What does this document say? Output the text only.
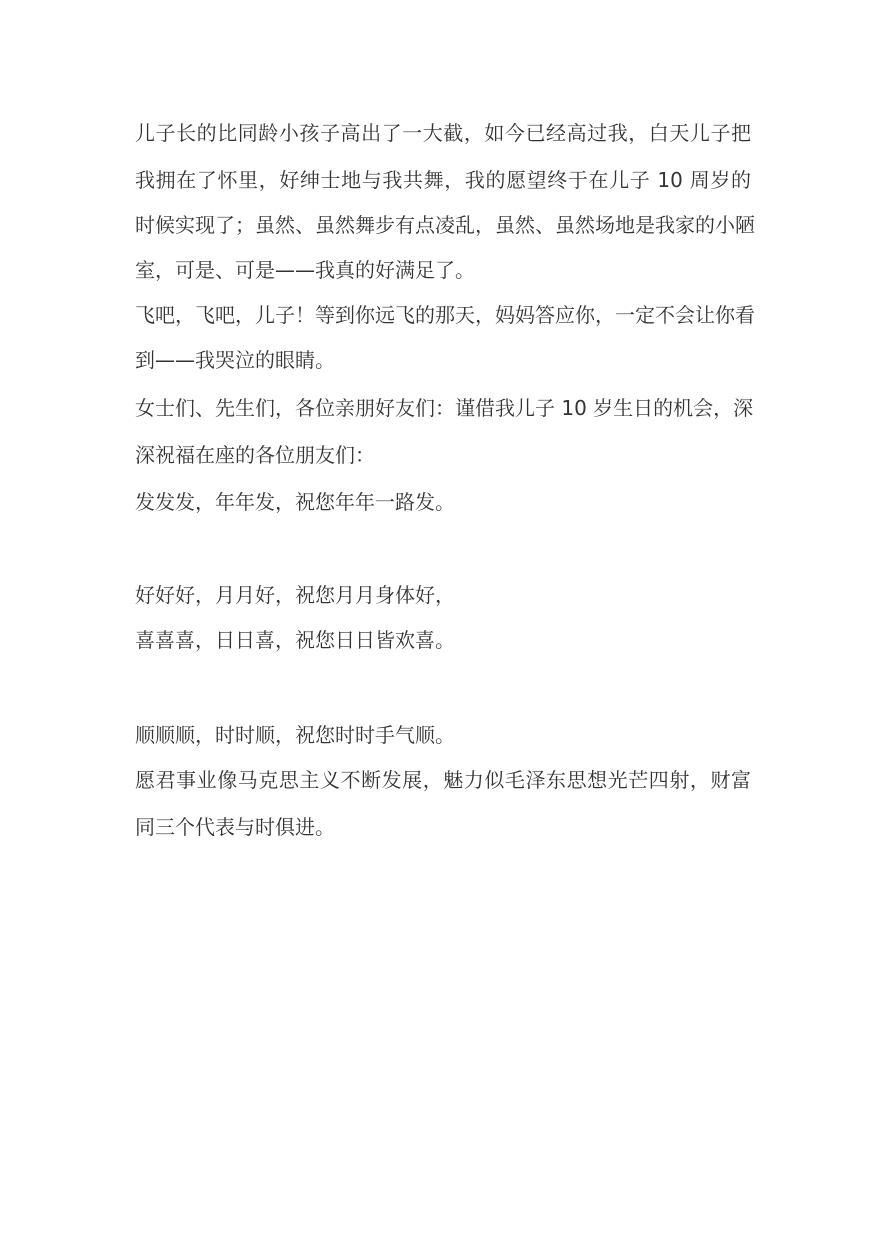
儿子长的比同龄小孩子高出了一大截，如今已经高过我，白天儿子把
我拥在了怀里，好绅士地与我共舞，我的愿望终于在儿子 10 周岁的
时候实现了；虽然、虽然舞步有点凌乱，虽然、虽然场地是我家的小陋
室，可是、可是——我真的好满足了。
飞吧，飞吧，儿子！等到你远飞的那天，妈妈答应你，一定不会让你看
到——我哭泣的眼睛。
女士们、先生们，各位亲朋好友们：谨借我儿子 10 岁生日的机会，深
深祝福在座的各位朋友们：
发发发，年年发，祝您年年一路发。
好好好，月月好，祝您月月身体好，
喜喜喜，日日喜，祝您日日皆欢喜。
顺顺顺，时时顺，祝您时时手气顺。
愿君事业像马克思主义不断发展，魅力似毛泽东思想光芒四射，财富
同三个代表与时俱进。
